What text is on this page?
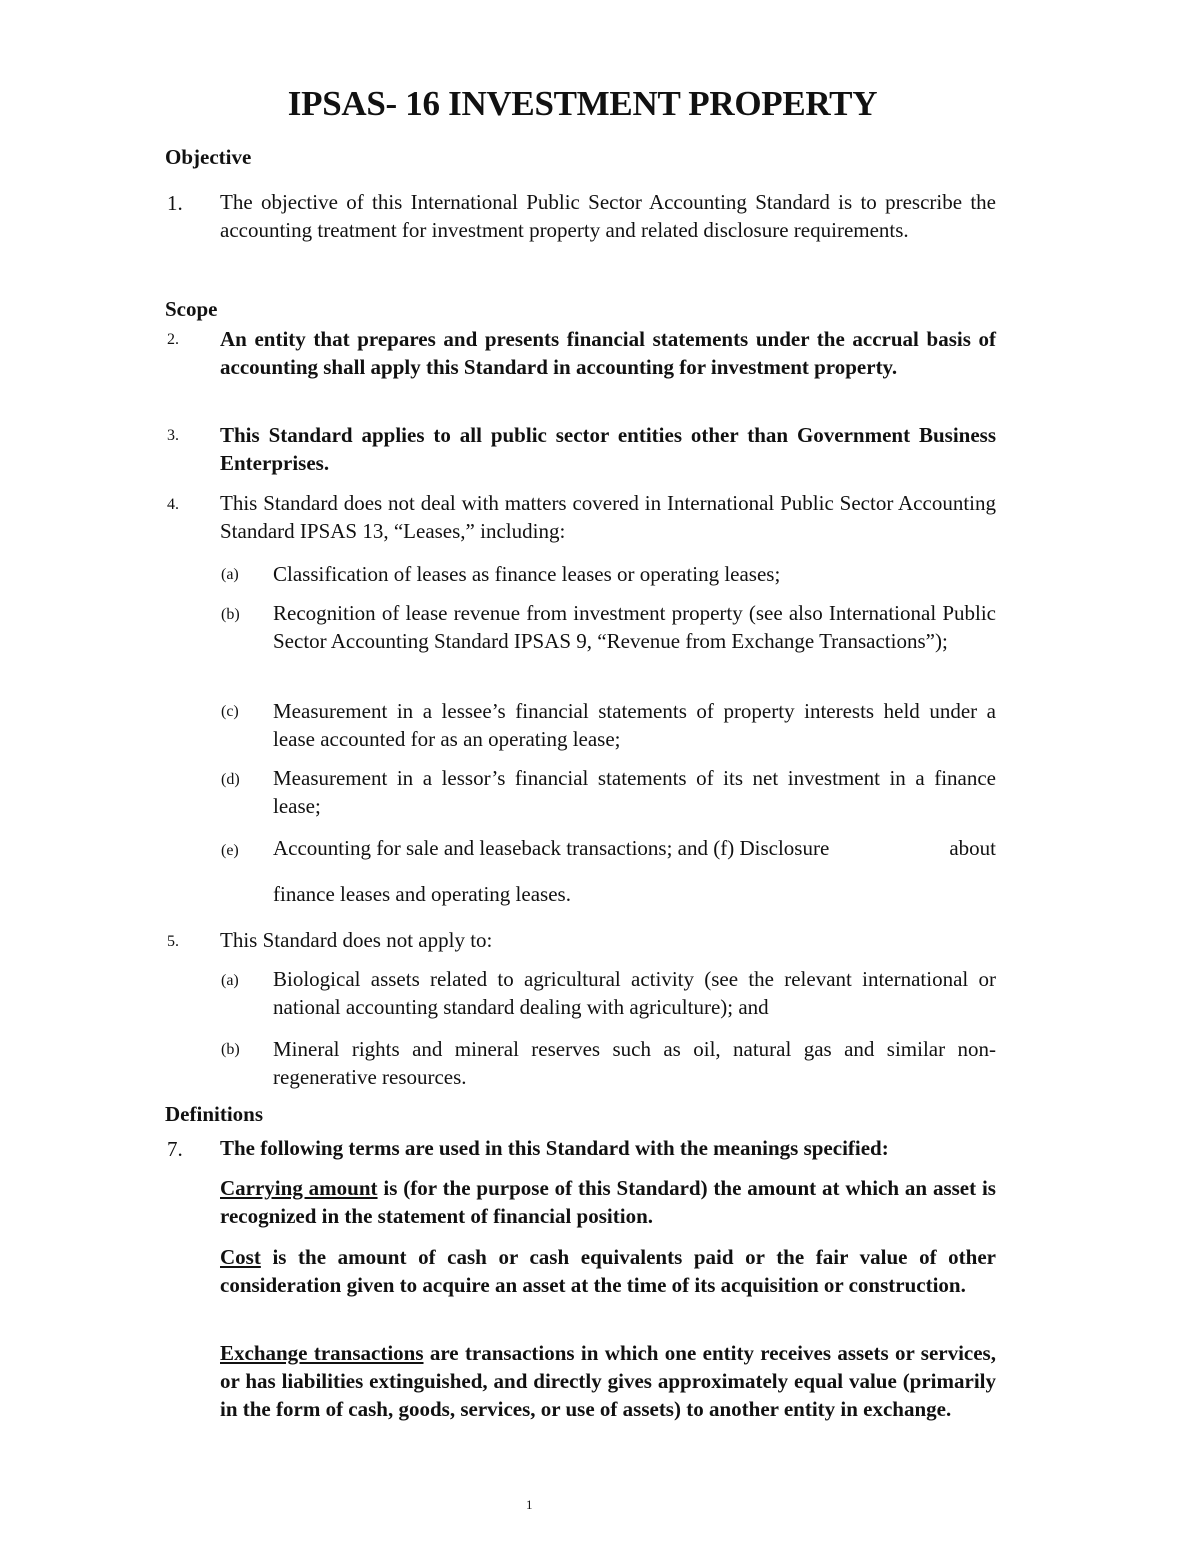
IPSAS- 16 INVESTMENT PROPERTY
Objective
1. The objective of this International Public Sector Accounting Standard is to prescribe the accounting treatment for investment property and related disclosure requirements.
Scope
2. An entity that prepares and presents financial statements under the accrual basis of accounting shall apply this Standard in accounting for investment property.
3. This Standard applies to all public sector entities other than Government Business Enterprises.
4. This Standard does not deal with matters covered in International Public Sector Accounting Standard IPSAS 13, “Leases,” including:
(a) Classification of leases as finance leases or operating leases;
(b) Recognition of lease revenue from investment property (see also International Public Sector Accounting Standard IPSAS 9, “Revenue from Exchange Transactions”);
(c) Measurement in a lessee’s financial statements of property interests held under a lease accounted for as an operating lease;
(d) Measurement in a lessor’s financial statements of its net investment in a finance lease;
(e) Accounting for sale and leaseback transactions; and (f) Disclosure	about
finance leases and operating leases.
5. This Standard does not apply to:
(a) Biological assets related to agricultural activity (see the relevant international or national accounting standard dealing with agriculture); and
(b) Mineral rights and mineral reserves such as oil, natural gas and similar non-regenerative resources.
Definitions
7. The following terms are used in this Standard with the meanings specified:
Carrying amount is (for the purpose of this Standard) the amount at which an asset is recognized in the statement of financial position.
Cost is the amount of cash or cash equivalents paid or the fair value of other consideration given to acquire an asset at the time of its acquisition or construction.
Exchange transactions are transactions in which one entity receives assets or services, or has liabilities extinguished, and directly gives approximately equal value (primarily in the form of cash, goods, services, or use of assets) to another entity in exchange.
1
